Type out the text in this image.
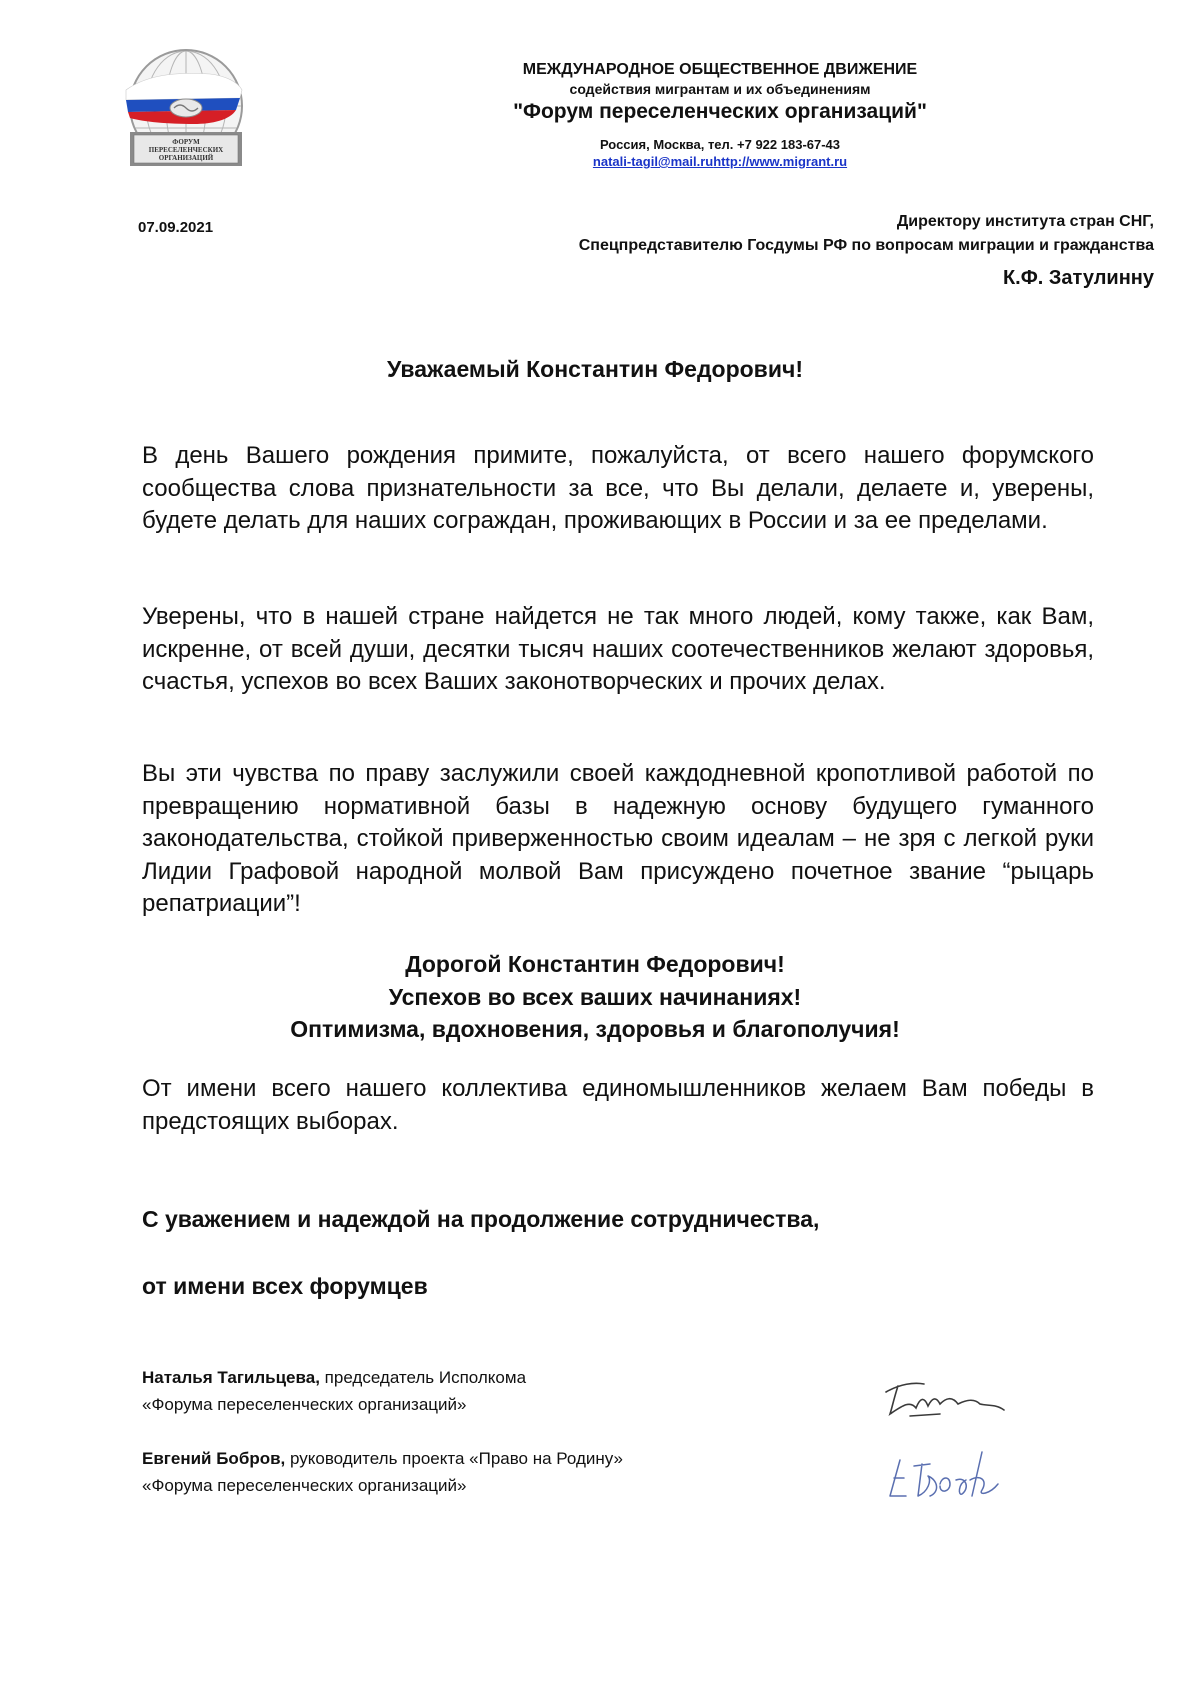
ФОРУМ
ПЕРЕСЕЛЕНЧЕСКИХ
ОРГАНИЗАЦИЙ
МЕЖДУНАРОДНОЕ ОБЩЕСТВЕННОЕ ДВИЖЕНИЕ
содействия мигрантам и их объединениям
"Форум переселенческих организаций"
Россия, Москва, тел. +7 922 183-67-43
natali-tagil@mail.ruhttp://www.migrant.ru
07.09.2021	Директору института стран СНГ,
Спецпредставителю Госдумы РФ по вопросам миграции и гражданства
К.Ф. Затулинну
Уважаемый Константин Федорович!
В день Вашего рождения примите, пожалуйста, от всего нашего форумского сообщества слова признательности за все, что Вы делали, делаете и, уверены, будете делать для наших сограждан, проживающих в России и за ее пределами.
Уверены, что в нашей стране найдется не так много людей, кому также, как Вам, искренне, от всей души, десятки тысяч наших соотечественников желают здоровья, счастья, успехов во всех Ваших законотворческих и прочих делах.
Вы эти чувства по праву заслужили своей каждодневной кропотливой работой по превращению нормативной базы в надежную основу будущего гуманного законодательства, стойкой приверженностью своим идеалам – не зря с легкой руки Лидии Графовой народной молвой Вам присуждено почетное звание “рыцарь репатриации”!
Дорогой Константин Федорович!
Успехов во всех ваших начинаниях!
Оптимизма, вдохновения, здоровья и благополучия!
От имени всего нашего коллектива единомышленников желаем Вам победы в предстоящих выборах.
С уважением и надеждой на продолжение сотрудничества,
от имени всех форумцев
Наталья Тагильцева, председатель Исполкома
«Форума переселенческих организаций»
Евгений Бобров, руководитель проекта «Право на Родину»
«Форума переселенческих организаций»
